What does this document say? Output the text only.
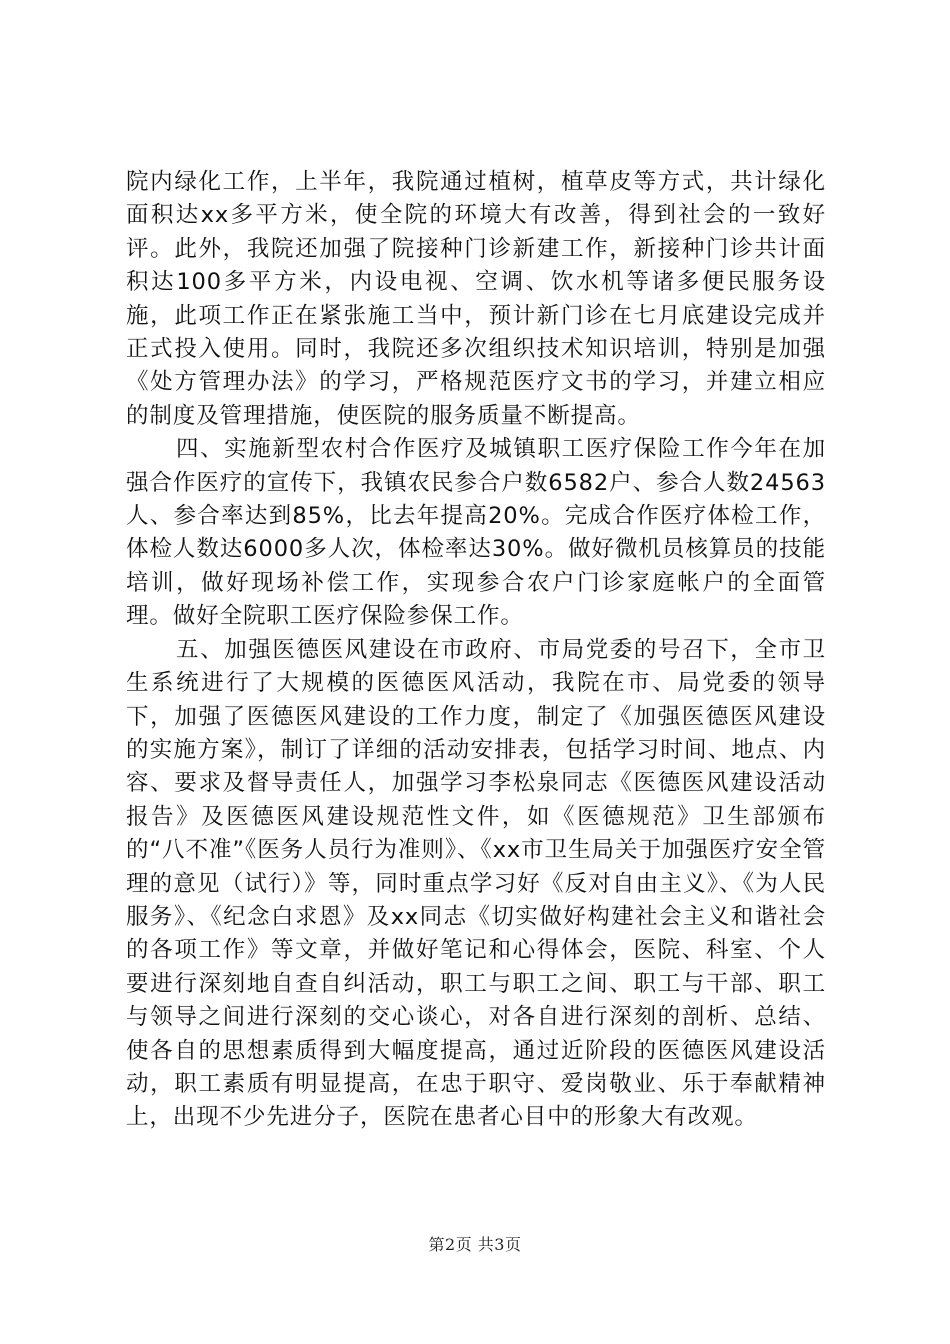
院内绿化工作，上半年，我院通过植树，植草皮等方式，共计绿化面积达xx多平方米，使全院的环境大有改善，得到社会的一致好评。此外，我院还加强了院接种门诊新建工作，新接种门诊共计面积达100多平方米，内设电视、空调、饮水机等诸多便民服务设施，此项工作正在紧张施工当中，预计新门诊在七月底建设完成并正式投入使用。同时，我院还多次组织技术知识培训，特别是加强《处方管理办法》的学习，严格规范医疗文书的学习，并建立相应的制度及管理措施，使医院的服务质量不断提高。

四、实施新型农村合作医疗及城镇职工医疗保险工作今年在加强合作医疗的宣传下，我镇农民参合户数6582户、参合人数24563人、参合率达到85%，比去年提高20%。完成合作医疗体检工作，体检人数达6000多人次，体检率达30%。做好微机员核算员的技能培训，做好现场补偿工作，实现参合农户门诊家庭帐户的全面管理。做好全院职工医疗保险参保工作。

五、加强医德医风建设在市政府、市局党委的号召下，全市卫生系统进行了大规模的医德医风活动，我院在市、局党委的领导下，加强了医德医风建设的工作力度，制定了《加强医德医风建设的实施方案》，制订了详细的活动安排表，包括学习时间、地点、内容、要求及督导责任人，加强学习李松泉同志《医德医风建设活动报告》及医德医风建设规范性文件，如《医德规范》卫生部颁布的“八不准”《医务人员行为准则》、《xx市卫生局关于加强医疗安全管理的意见（试行）》等，同时重点学习好《反对自由主义》、《为人民服务》、《纪念白求恩》及xx同志《切实做好构建社会主义和谐社会的各项工作》等文章，并做好笔记和心得体会，医院、科室、个人要进行深刻地自查自纠活动，职工与职工之间、职工与干部、职工与领导之间进行深刻的交心谈心，对各自进行深刻的剖析、总结、使各自的思想素质得到大幅度提高，通过近阶段的医德医风建设活动，职工素质有明显提高，在忠于职守、爱岗敬业、乐于奉献精神上，出现不少先进分子，医院在患者心目中的形象大有改观。

第2页 共3页
